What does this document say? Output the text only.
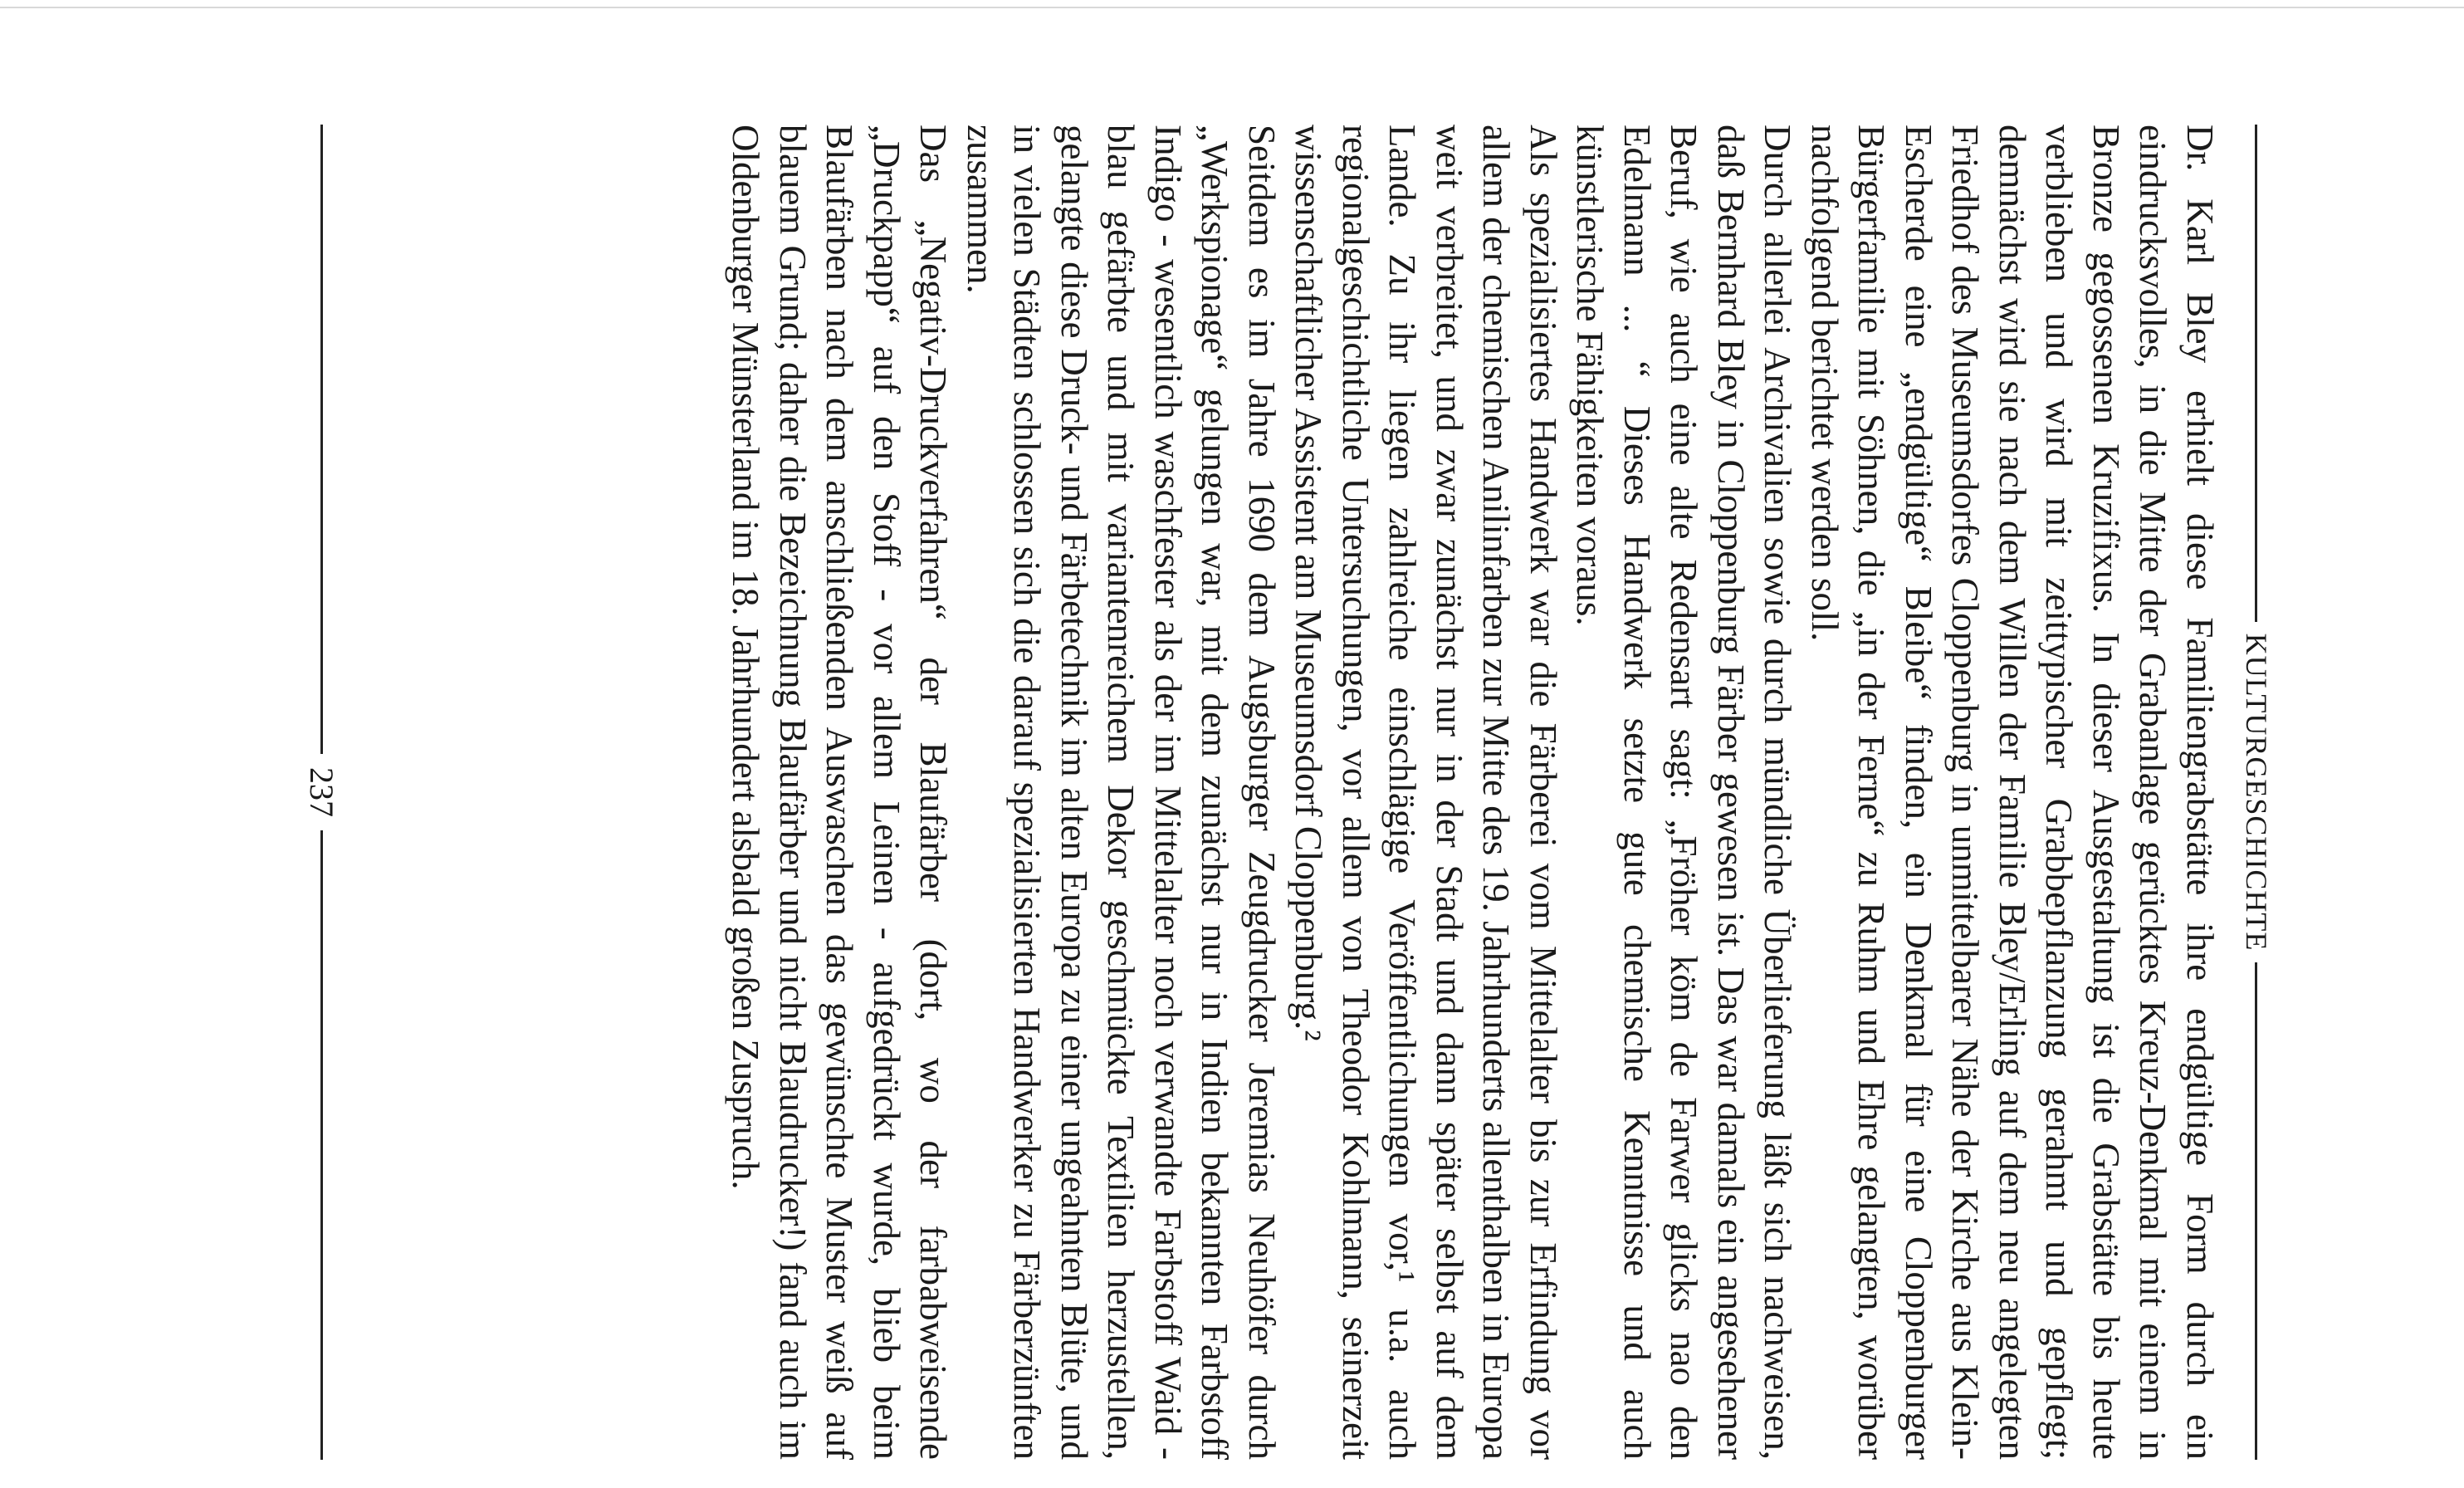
KULTURGESCHICHTE

Dr. Karl Bley erhielt diese Familiengrabstätte ihre endgültige Form durch ein eindrucksvolles, in die Mitte der Grabanlage gerücktes Kreuz-Denkmal mit einem in Bronze gegossenen Kruzifixus. In dieser Ausgestaltung ist die Grabstätte bis heute verblieben und wird mit zeittypischer Grabbepflanzung gerahmt und gepflegt; demnächst wird sie nach dem Willen der Familie Bley/Erling auf dem neu angelegten Friedhof des Museumsdorfes Cloppenburg in unmittelbarer Nähe der Kirche aus Klein-Escherde eine „endgültige“ Bleibe“ finden, ein Denkmal für eine Cloppenburger Bürgerfamilie mit Söhnen, die „in der Ferne“ zu Ruhm und Ehre gelangten, worüber nachfolgend berichtet werden soll.

Durch allerlei Archivalien sowie durch mündliche Überlieferung läßt sich nachweisen, daß Bernhard Bley in Cloppenburg Färber gewesen ist. Das war damals ein angesehener Beruf, wie auch eine alte Redensart sagt: „Fröher köm de Farwer glicks nao den Edelmann ... “ Dieses Handwerk setzte gute chemische Kenntnisse und auch künstlerische Fähigkeiten voraus.

Als spezialisiertes Handwerk war die Färberei vom Mittelalter bis zur Erfindung vor allem der chemischen Anilinfarben zur Mitte des 19. Jahrhunderts allenthalben in Europa weit verbreitet, und zwar zunächst nur in der Stadt und dann später selbst auf dem Lande. Zu ihr liegen zahlreiche einschlägige Veröffentlichungen vor,¹ u.a. auch regionalgeschichtliche Untersuchungen, vor allem von Theodor Kohlmann, seinerzeit wissenschaftlicher Assistent am Museumsdorf Cloppenburg.²

Seitdem es im Jahre 1690 dem Augsburger Zeugdrucker Jeremias Neuhöfer durch „Werkspionage“ gelungen war, mit dem zunächst nur in Indien bekannten Farbstoff Indigo - wesentlich waschfester als der im Mittelalter noch verwandte Farbstoff Waid - blau gefärbte und mit variantenreichem Dekor geschmückte Textilien herzustellen, gelangte diese Druck- und Färbetechnik im alten Europa zu einer ungeahnten Blüte, und in vielen Städten schlossen sich die darauf spezialisierten Handwerker zu Färberzünften zusammen.

Das „Negativ-Druckverfahren“ der Blaufärber (dort, wo der farbabweisende „Druckpapp“ auf den Stoff - vor allem Leinen - aufgedrückt wurde, blieb beim Blaufärben nach dem anschließenden Auswaschen das gewünschte Muster weiß auf blauem Grund; daher die Bezeichnung Blaufärber und nicht Blaudrucker!) fand auch im Oldenburger Münsterland im 18. Jahrhundert alsbald großen Zuspruch.

237
